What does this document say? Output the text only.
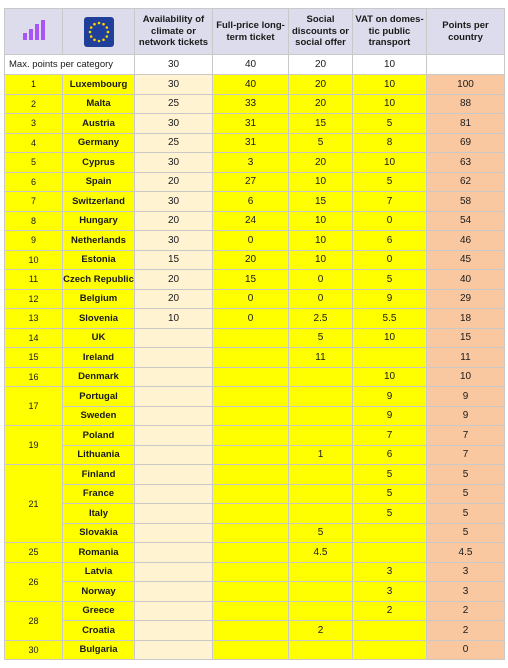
		Availability of climate or network tickets	Full-price long-term ticket	Social discounts or social offer	VAT on domes-tic public transport	Points per country
Max. points per category		30	40	20	10	
1	Luxembourg	30	40	20	10	100
2	Malta	25	33	20	10	88
3	Austria	30	31	15	5	81
4	Germany	25	31	5	8	69
5	Cyprus	30	3	20	10	63
6	Spain	20	27	10	5	62
7	Switzerland	30	6	15	7	58
8	Hungary	20	24	10	0	54
9	Netherlands	30	0	10	6	46
10	Estonia	15	20	10	0	45
11	Czech Republic	20	15	0	5	40
12	Belgium	20	0	0	9	29
13	Slovenia	10	0	2.5	5.5	18
14	UK			5	10	15
15	Ireland			11		11
16	Denmark				10	10
17	Portugal				9	9
	Sweden				9	9
19	Poland				7	7
	Lithuania			1	6	7
21	Finland				5	5
	France				5	5
	Italy				5	5
	Slovakia			5		5
25	Romania			4.5		4.5
26	Latvia				3	3
	Norway				3	3
28	Greece				2	2
	Croatia			2		2
30	Bulgaria					0
